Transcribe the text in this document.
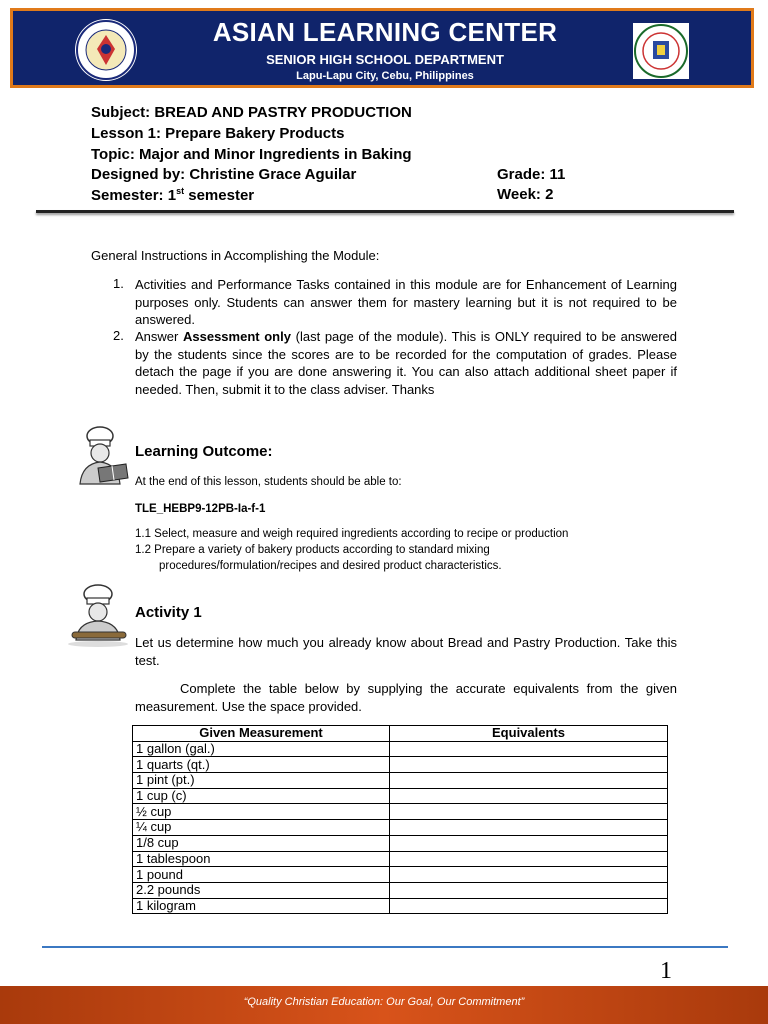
ASIAN LEARNING CENTER
SENIOR HIGH SCHOOL DEPARTMENT
Lapu-Lapu City, Cebu, Philippines
Subject: BREAD AND PASTRY PRODUCTION
Lesson 1: Prepare Bakery Products
Topic: Major and Minor Ingredients in Baking
Designed by: Christine Grace Aguilar	Grade: 11
Semester: 1st semester	Week: 2
General Instructions in Accomplishing the Module:
1. Activities and Performance Tasks contained in this module are for Enhancement of Learning purposes only. Students can answer them for mastery learning but it is not required to be answered.
2. Answer Assessment only (last page of the module). This is ONLY required to be answered by the students since the scores are to be recorded for the computation of grades. Please detach the page if you are done answering it. You can also attach additional sheet paper if needed. Then, submit it to the class adviser. Thanks
Learning Outcome:
At the end of this lesson, students should be able to:
TLE_HEBP9-12PB-Ia-f-1
1.1 Select, measure and weigh required ingredients according to recipe or production
1.2 Prepare a variety of bakery products according to standard mixing
procedures/formulation/recipes and desired product characteristics.
Activity 1
Let us determine how much you already know about Bread and Pastry Production. Take this test.
Complete the table below by supplying the accurate equivalents from the given measurement. Use the space provided.
Given Measurement	Equivalents
1 gallon (gal.)	
1 quarts (qt.)	
1 pint (pt.)	
1 cup (c)	
½ cup	
¼ cup	
1/8 cup	
1 tablespoon	
1 pound	
2.2 pounds	
1 kilogram	
1
“Quality Christian Education: Our Goal, Our Commitment”
